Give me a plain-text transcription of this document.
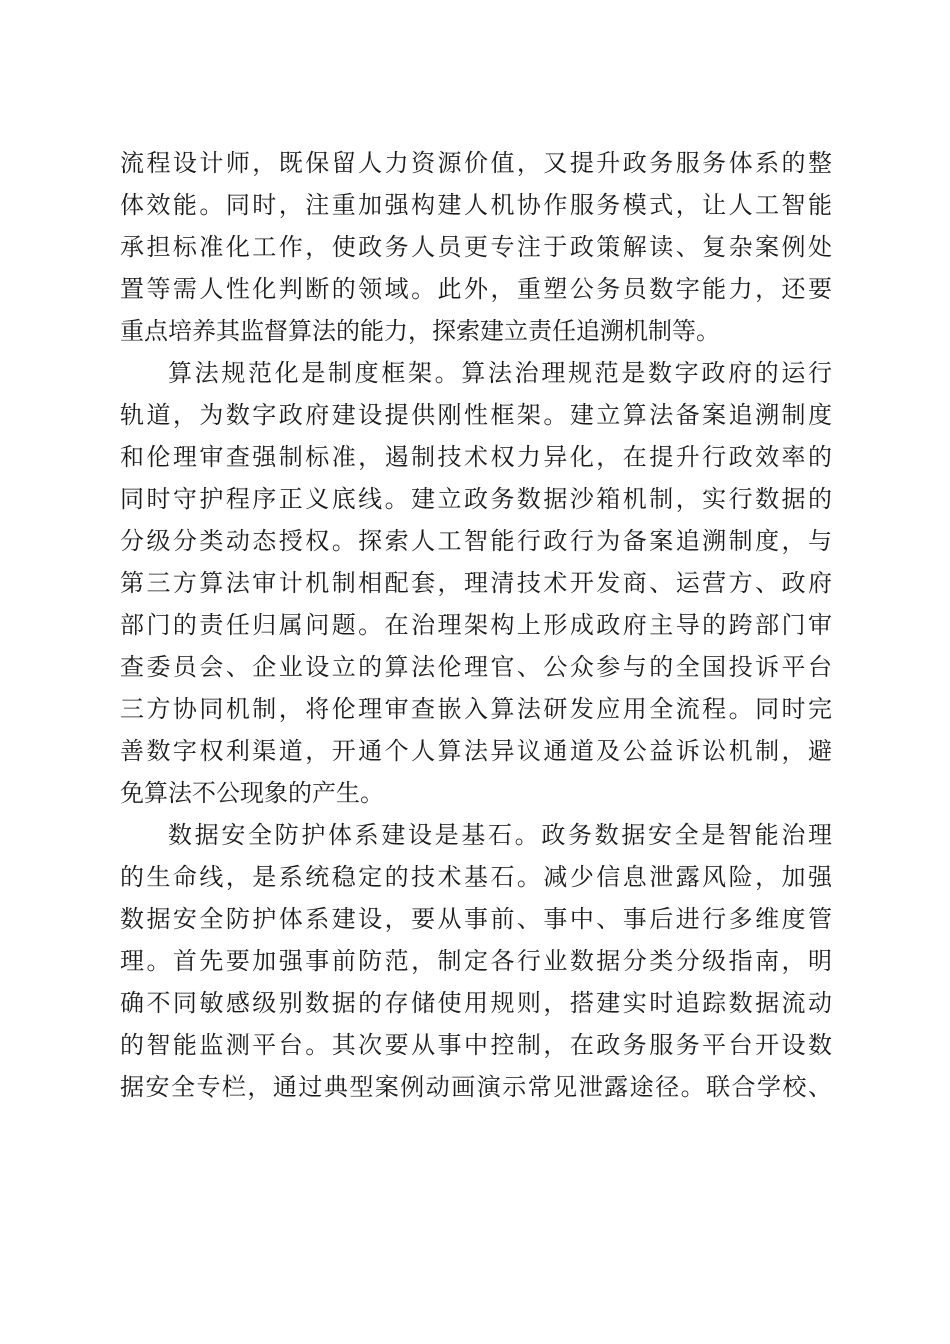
流程设计师，既保留人力资源价值，又提升政务服务体系的整
体效能。同时，注重加强构建人机协作服务模式，让人工智能
承担标准化工作，使政务人员更专注于政策解读、复杂案例处
置等需人性化判断的领域。此外，重塑公务员数字能力，还要
重点培养其监督算法的能力，探索建立责任追溯机制等。
算法规范化是制度框架。算法治理规范是数字政府的运行
轨道，为数字政府建设提供刚性框架。建立算法备案追溯制度
和伦理审查强制标准，遏制技术权力异化，在提升行政效率的
同时守护程序正义底线。建立政务数据沙箱机制，实行数据的
分级分类动态授权。探索人工智能行政行为备案追溯制度，与
第三方算法审计机制相配套，理清技术开发商、运营方、政府
部门的责任归属问题。在治理架构上形成政府主导的跨部门审
查委员会、企业设立的算法伦理官、公众参与的全国投诉平台
三方协同机制，将伦理审查嵌入算法研发应用全流程。同时完
善数字权利渠道，开通个人算法异议通道及公益诉讼机制，避
免算法不公现象的产生。
数据安全防护体系建设是基石。政务数据安全是智能治理
的生命线，是系统稳定的技术基石。减少信息泄露风险，加强
数据安全防护体系建设，要从事前、事中、事后进行多维度管
理。首先要加强事前防范，制定各行业数据分类分级指南，明
确不同敏感级别数据的存储使用规则，搭建实时追踪数据流动
的智能监测平台。其次要从事中控制，在政务服务平台开设数
据安全专栏，通过典型案例动画演示常见泄露途径。联合学校、
